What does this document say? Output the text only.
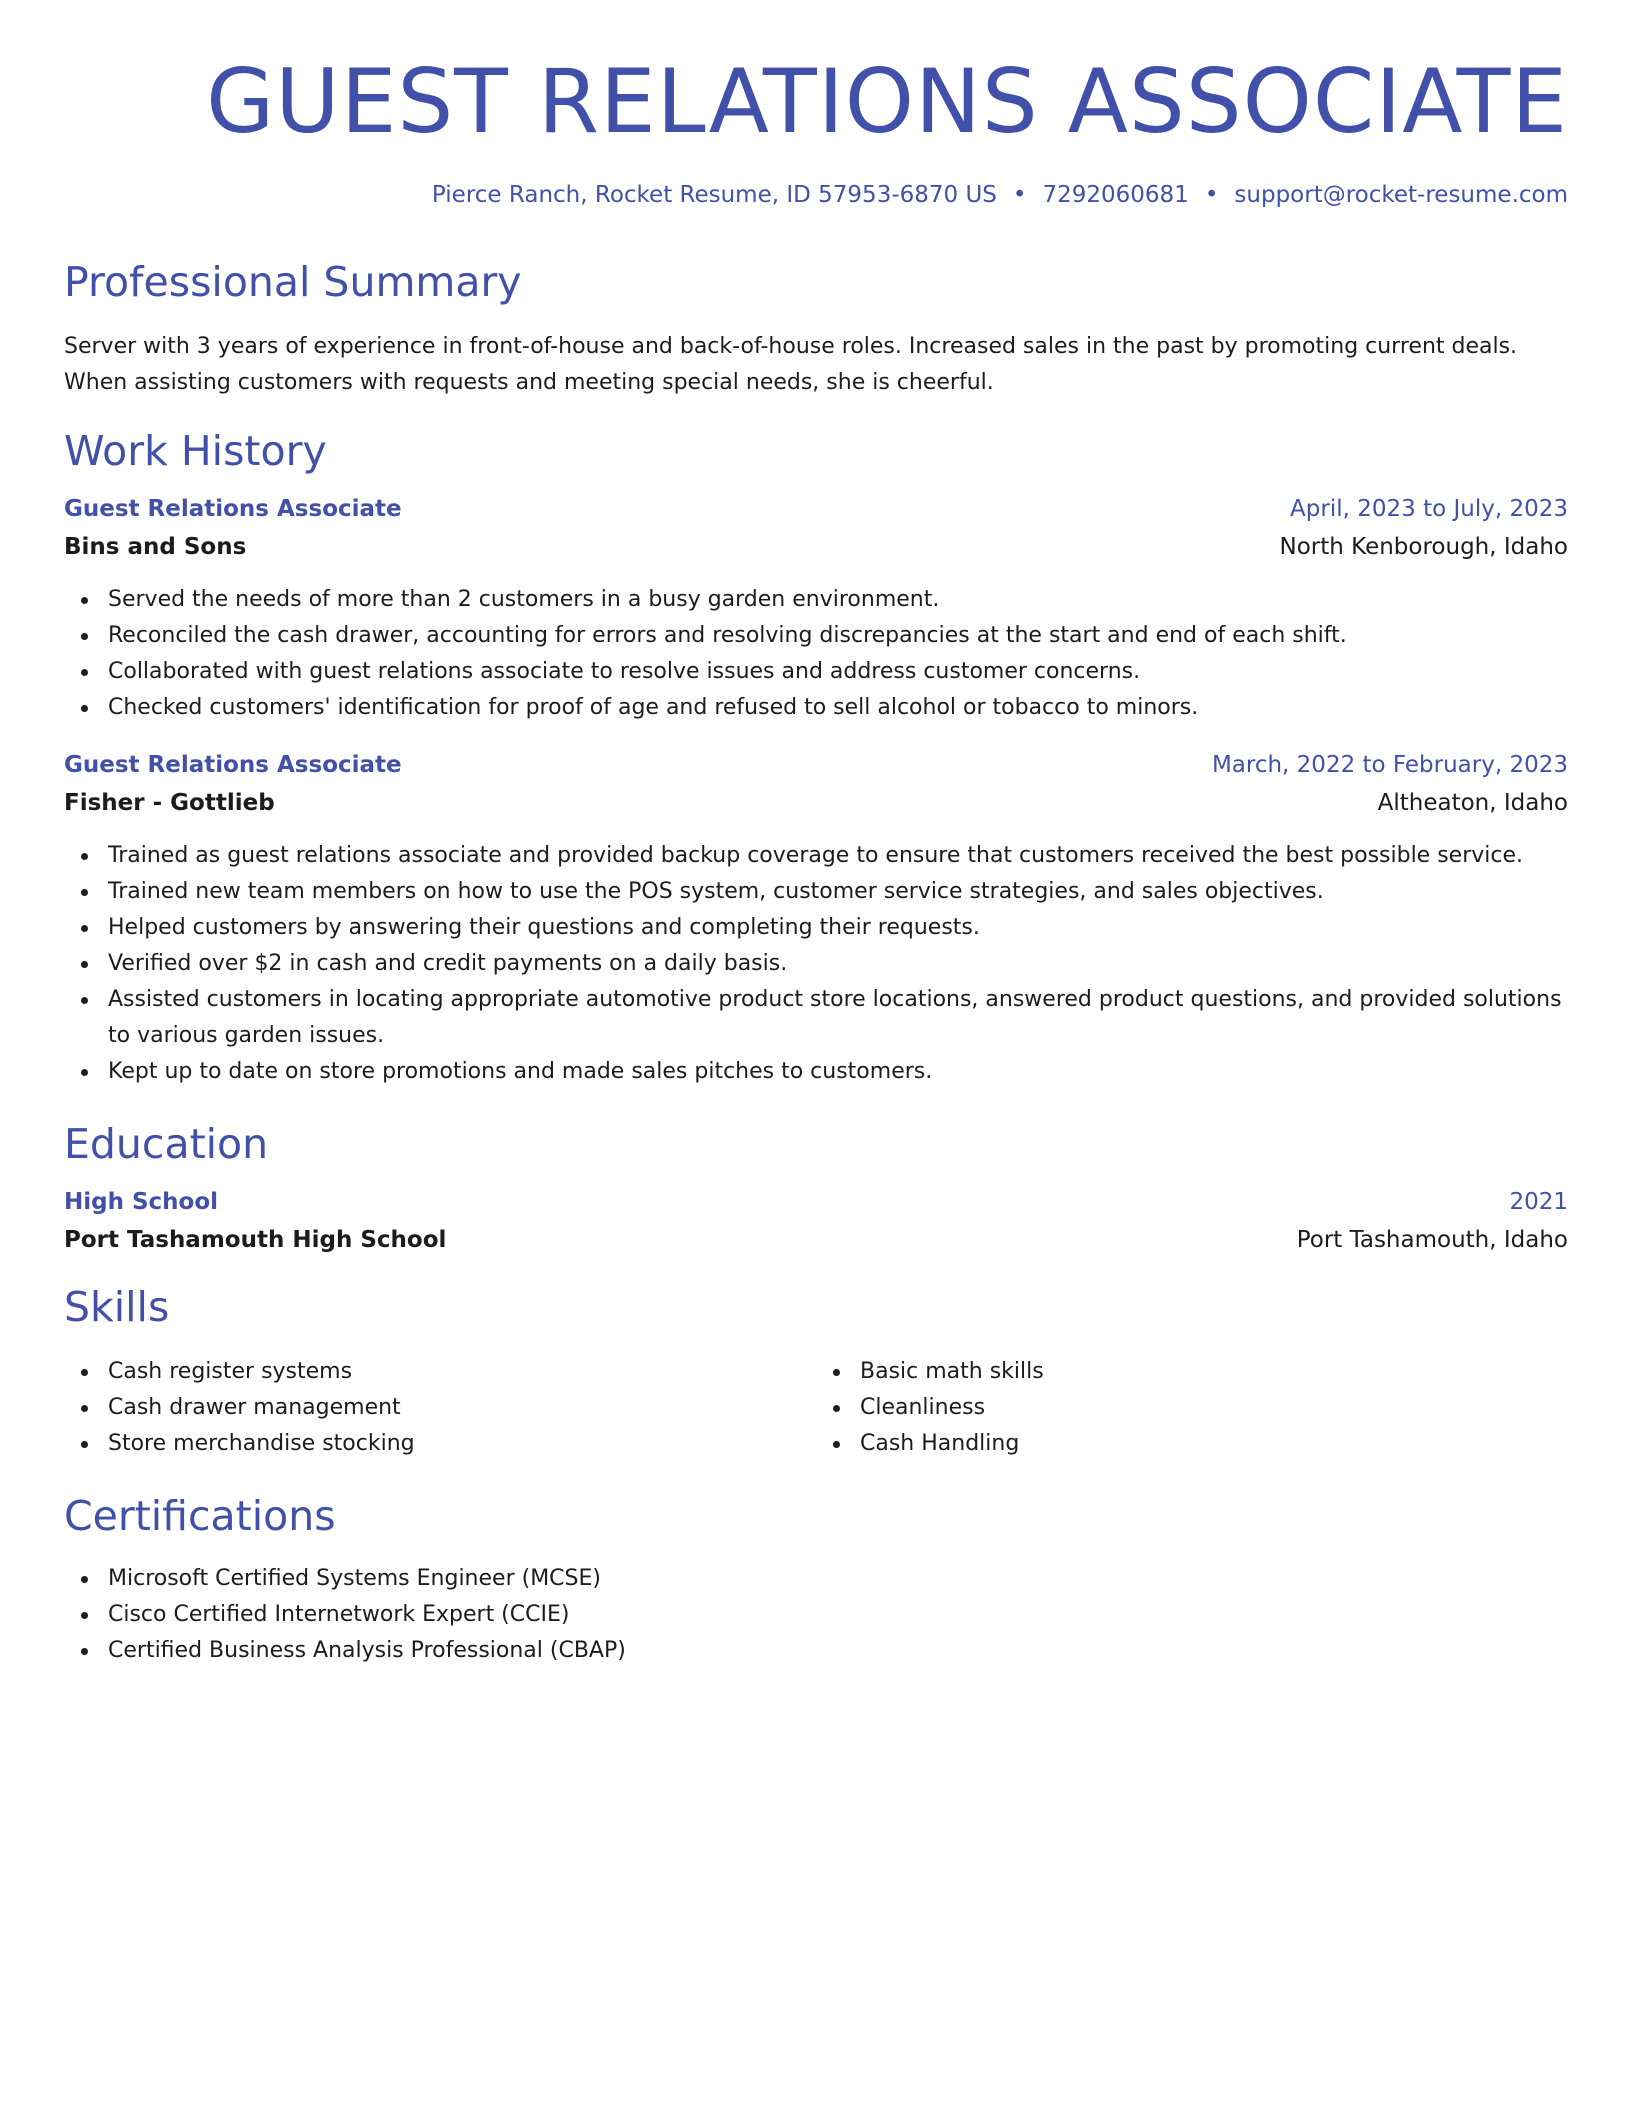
GUEST RELATIONS ASSOCIATE
Pierce Ranch, Rocket Resume, ID 57953-6870 US • 7292060681 • support@rocket-resume.com
Professional Summary

Server with 3 years of experience in front-of-house and back-of-house roles. Increased sales in the past by promoting current deals. When assisting customers with requests and meeting special needs, she is cheerful.

Work History
Guest Relations Associate	April, 2023 to July, 2023
Bins and Sons	North Kenborough, Idaho
Served the needs of more than 2 customers in a busy garden environment.
Reconciled the cash drawer, accounting for errors and resolving discrepancies at the start and end of each shift.
Collaborated with guest relations associate to resolve issues and address customer concerns.
Checked customers' identification for proof of age and refused to sell alcohol or tobacco to minors.
Guest Relations Associate	March, 2022 to February, 2023
Fisher - Gottlieb	Altheaton, Idaho
Trained as guest relations associate and provided backup coverage to ensure that customers received the best possible service.
Trained new team members on how to use the POS system, customer service strategies, and sales objectives.
Helped customers by answering their questions and completing their requests.
Verified over $2 in cash and credit payments on a daily basis.
Assisted customers in locating appropriate automotive product store locations, answered product questions, and provided solutions to various garden issues.
Kept up to date on store promotions and made sales pitches to customers.
Education
High School	2021
Port Tashamouth High School	Port Tashamouth, Idaho
Skills
Cash register systems
Cash drawer management
Store merchandise stocking
Basic math skills
Cleanliness
Cash Handling
Certifications
Microsoft Certified Systems Engineer (MCSE)
Cisco Certified Internetwork Expert (CCIE)
Certified Business Analysis Professional (CBAP)
